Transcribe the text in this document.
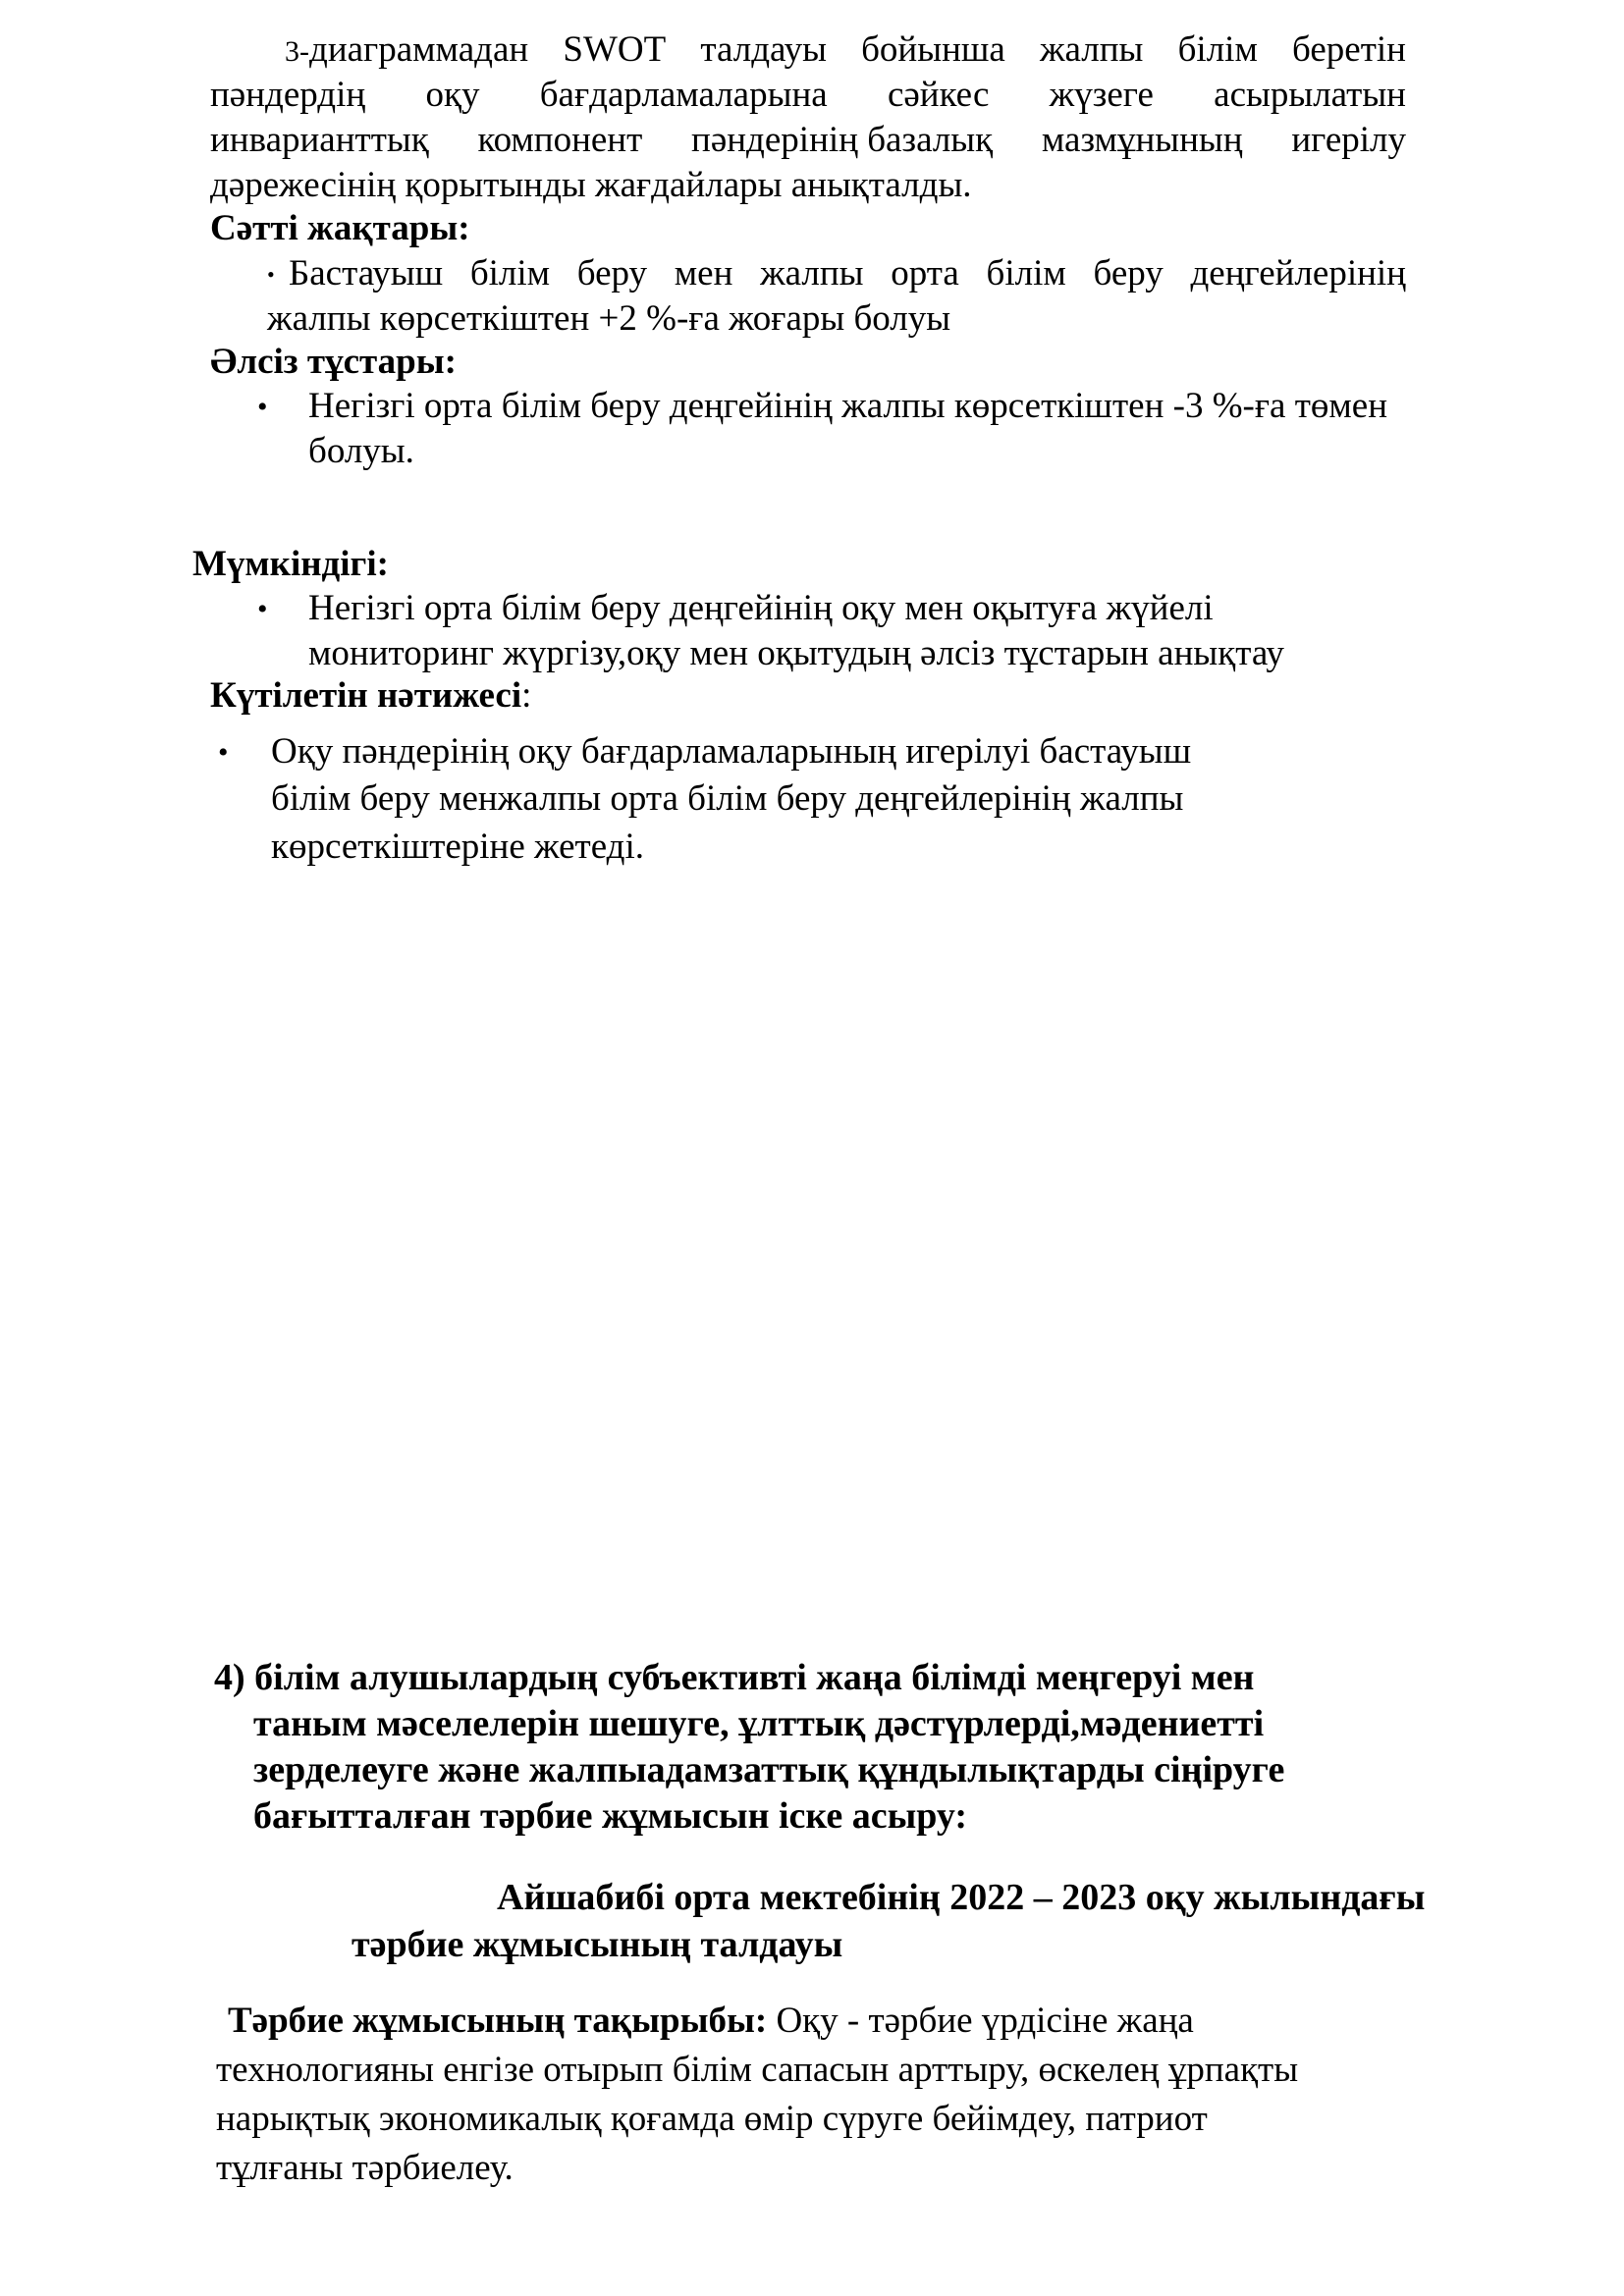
3-диаграммадан SWOT талдауы бойынша жалпы білім беретін
пәндердің оқу бағдарламаларына сәйкес жүзеге асырылатын
инварианттық компонент пәндерінің базалық мазмұнының игерілу

дәрежесінің қорытынды жағдайлары анықталды.

Сәтті жақтары:

• Бастауыш білім беру мен жалпы орта білім беру деңгейлерінің

жалпы көрсеткіштен +2 %-ға жоғары болуы

Әлсіз тұстары:

• Негізгі орта білім беру деңгейінің жалпы көрсеткіштен -3 %-ға төмен

болуы.

Мүмкіндігі:

• Негізгі орта білім беру деңгейінің оқу мен оқытуға жүйелі

мониторинг жүргізу,оқу мен оқытудың әлсіз тұстарын анықтау

Күтілетін нәтижесі:

• Оқу пәндерінің оқу бағдарламаларының игерілуі бастауыш

білім беру менжалпы орта білім беру деңгейлерінің жалпы

көрсеткіштеріне жетеді.

4) білім алушылардың субъективті жаңа білімді меңгеруі мен

таным мәселелерін шешуге, ұлттық дәстүрлерді,мәдениетті

зерделеуге және жалпыадамзаттық құндылықтарды сіңіруге

бағытталған тәрбие жұмысын іске асыру:

Айшабибі орта мектебінің 2022 – 2023 оқу жылындағы

тәрбие жұмысының талдауы

Тәрбие жұмысының тақырыбы: Оқу - тәрбие үрдісіне жаңа

технологияны енгізе отырып білім сапасын арттыру, өскелең ұрпақты

нарықтық экономикалық қоғамда өмір сүруге бейімдеу, патриот

тұлғаны тәрбиелеу.
